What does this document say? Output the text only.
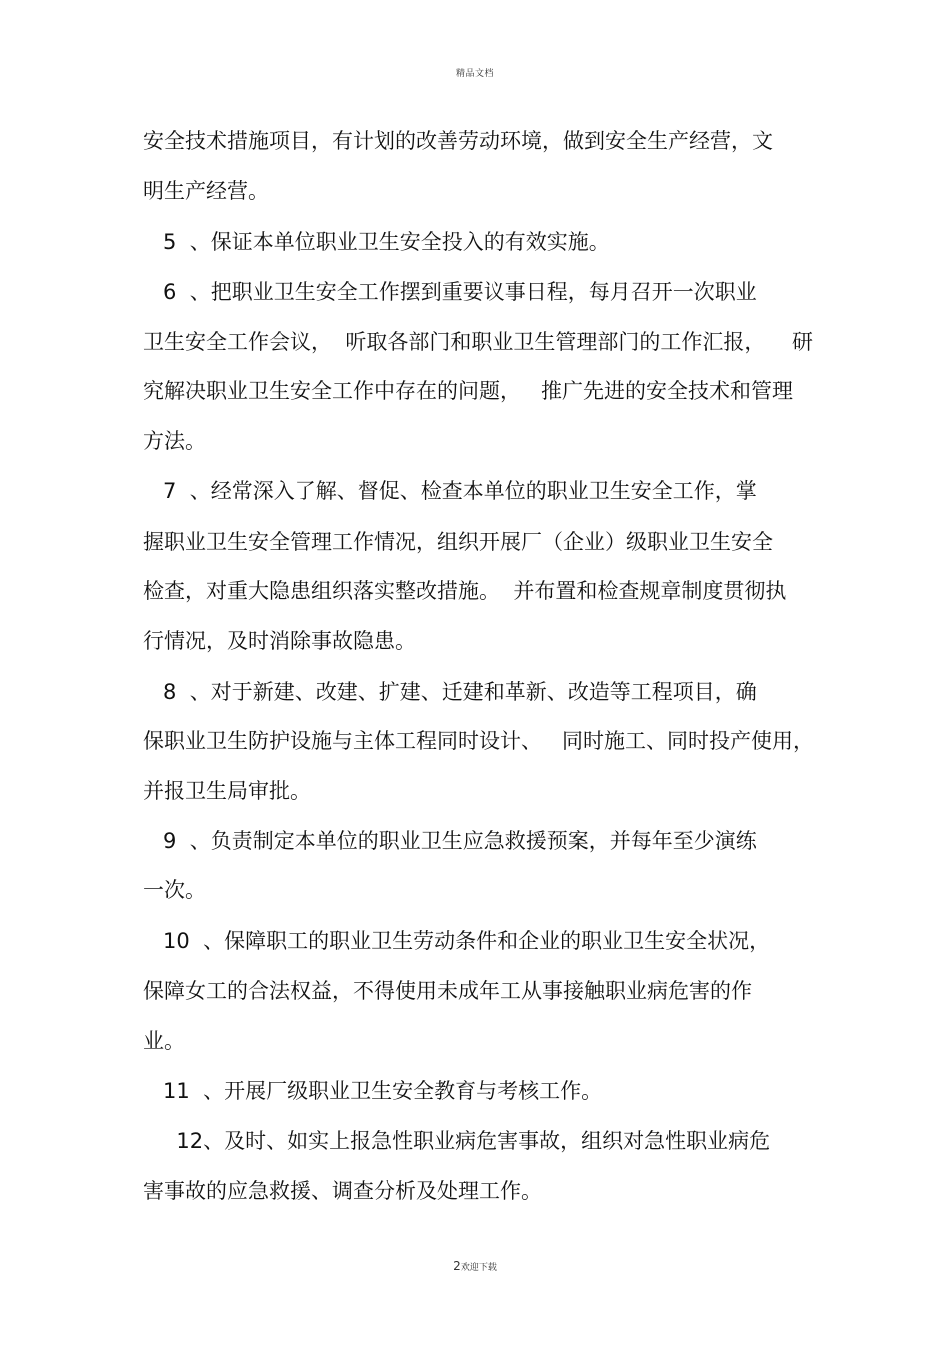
精品文档
安全技术措施项目，有计划的改善劳动环境，做到安全生产经营，文
明生产经营。
5  、保证本单位职业卫生安全投入的有效实施。
6  、把职业卫生安全工作摆到重要议事日程，每月召开一次职业
卫生安全工作会议，  听取各部门和职业卫生管理部门的工作汇报，    研
究解决职业卫生安全工作中存在的问题，   推广先进的安全技术和管理
方法。
7  、经常深入了解、督促、检查本单位的职业卫生安全工作，掌
握职业卫生安全管理工作情况，组织开展厂（企业）级职业卫生安全
检查，对重大隐患组织落实整改措施。  并布置和检查规章制度贯彻执
行情况，及时消除事故隐患。
8  、对于新建、改建、扩建、迁建和革新、改造等工程项目，确
保职业卫生防护设施与主体工程同时设计、   同时施工、同时投产使用，
并报卫生局审批。
9  、负责制定本单位的职业卫生应急救援预案，并每年至少演练
一次。
10  、保障职工的职业卫生劳动条件和企业的职业卫生安全状况，
保障女工的合法权益，不得使用未成年工从事接触职业病危害的作
业。
11  、开展厂级职业卫生安全教育与考核工作。
12、及时、如实上报急性职业病危害事故，组织对急性职业病危
害事故的应急救援、调查分析及处理工作。
2欢迎下载
